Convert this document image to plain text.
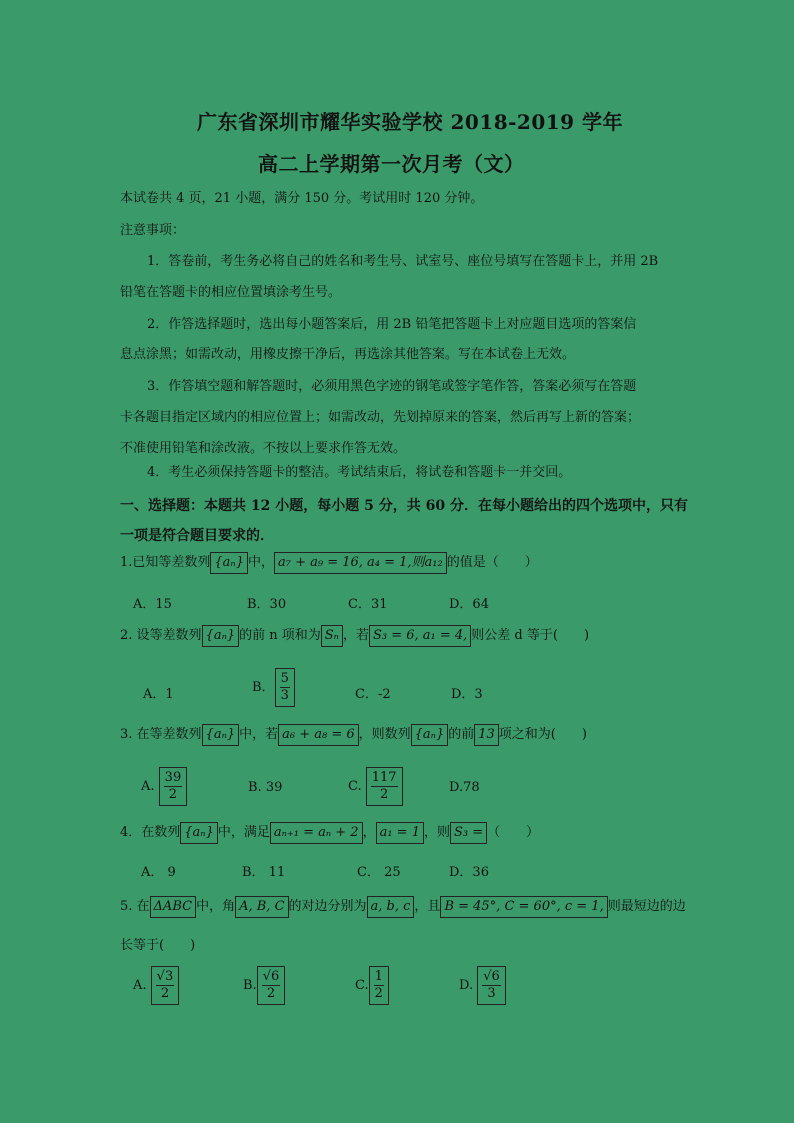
广东省深圳市耀华实验学校 2018-2019 学年
高二上学期第一次月考（文）
本试卷共 4 页，21 小题，满分 150 分。考试用时 120 分钟。
注意事项：
1．答卷前，考生务必将自己的姓名和考生号、试室号、座位号填写在答题卡上，并用 2B
铅笔在答题卡的相应位置填涂考生号。
2．作答选择题时，选出每小题答案后，用 2B 铅笔把答题卡上对应题目选项的答案信
息点涂黑；如需改动，用橡皮擦干净后，再选涂其他答案。写在本试卷上无效。
3．作答填空题和解答题时，必须用黑色字迹的钢笔或签字笔作答，答案必须写在答题
卡各题目指定区域内的相应位置上；如需改动，先划掉原来的答案，然后再写上新的答案；
不准使用铅笔和涂改液。不按以上要求作答无效。
4．考生必须保持答题卡的整洁。考试结束后，将试卷和答题卡一并交回。
一、选择题：本题共 12 小题，每小题 5 分，共 60 分．在每小题给出的四个选项中，只有
一项是符合题目要求的．
1.已知等差数列 {aₙ} 中， a₇ + a₉ = 16, a₄ = 1,则a₁₂ 的值是（　　）
A．15	B．30	C．31	D．64
2. 设等差数列 {aₙ} 的前 n 项和为 Sₙ ，若 S₃ = 6, a₁ = 4, 则公差 d 等于(　　)
A．1	B． $\frac{5}{3}$	C．-2	D．3
3. 在等差数列 {aₙ} 中，若 a₆ + a₈ = 6 ，则数列 {aₙ} 的前 13 项之和为(　　)
A. $\frac{39}{2}$	B. 39	C. $\frac{117}{2}$	D.78
4．在数列 {aₙ} 中，满足 aₙ₊₁ = aₙ + 2 ， a₁ = 1 ，则 S₃ = （　　）
A． 9	B． 11	C． 25	D．36
5. 在 ΔABC 中，角 A, B, C 的对边分别为 a, b, c ，且 B = 45°, C = 60°, c = 1, 则最短边的边
长等于(　　)
A. $\frac{√3}{2}$	B. $\frac{√6}{2}$	C. $\frac{1}{2}$	D. $\frac{√6}{3}$
